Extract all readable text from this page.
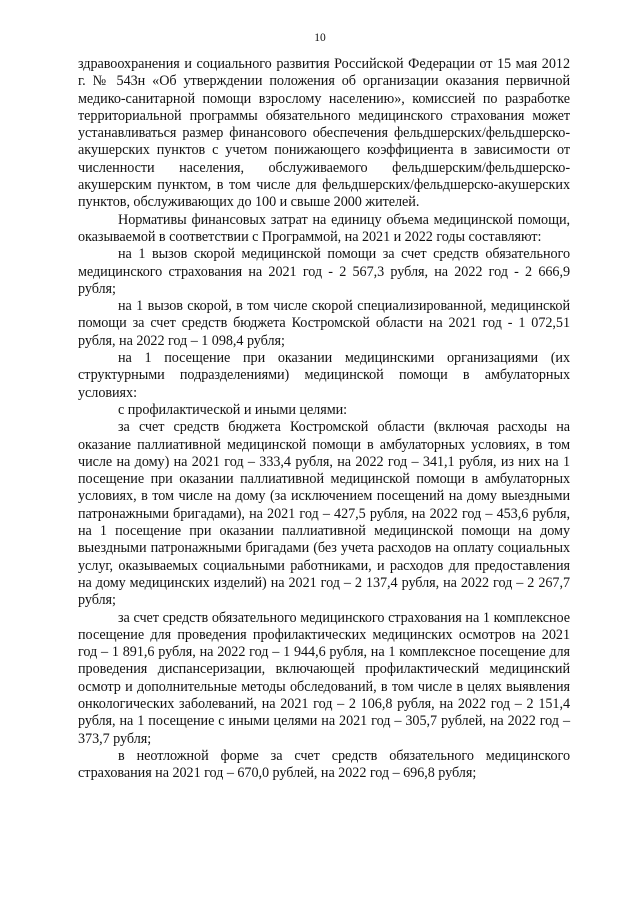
10

здравоохранения и социального развития Российской Федерации от 15 мая 2012 г. № 543н «Об утверждении положения об организации оказания первичной медико-санитарной помощи взрослому населению», комиссией по разработке территориальной программы обязательного медицинского страхования может устанавливаться размер финансового обеспечения фельдшерских/фельдшерско-акушерских пунктов с учетом понижающего коэффициента в зависимости от численности населения, обслуживаемого фельдшерским/фельдшерско-акушерским пунктом, в том числе для фельдшерских/фельдшерско-акушерских пунктов, обслуживающих до 100 и свыше 2000 жителей.

Нормативы финансовых затрат на единицу объема медицинской помощи, оказываемой в соответствии с Программой, на 2021 и 2022 годы составляют:

на 1 вызов скорой медицинской помощи за счет средств обязательного медицинского страхования на 2021 год - 2 567,3 рубля, на 2022 год - 2 666,9 рубля;

на 1 вызов скорой, в том числе скорой специализированной, медицинской помощи за счет средств бюджета Костромской области на 2021 год - 1 072,51 рубля, на 2022 год – 1 098,4 рубля;

на 1 посещение при оказании медицинскими организациями (их структурными подразделениями) медицинской помощи в амбулаторных условиях:

с профилактической и иными целями:

за счет средств бюджета Костромской области (включая расходы на оказание паллиативной медицинской помощи в амбулаторных условиях, в том числе на дому) на 2021 год – 333,4 рубля, на 2022 год – 341,1 рубля, из них на 1 посещение при оказании паллиативной медицинской помощи в амбулаторных условиях, в том числе на дому (за исключением посещений на дому выездными патронажными бригадами), на 2021 год – 427,5 рубля, на 2022 год – 453,6 рубля, на 1 посещение при оказании паллиативной медицинской помощи на дому выездными патронажными бригадами (без учета расходов на оплату социальных услуг, оказываемых социальными работниками, и расходов для предоставления на дому медицинских изделий) на 2021 год – 2 137,4 рубля, на 2022 год – 2 267,7 рубля;

за счет средств обязательного медицинского страхования на 1 комплексное посещение для проведения профилактических медицинских осмотров на 2021 год – 1 891,6 рубля, на 2022 год – 1 944,6 рубля, на 1 комплексное посещение для проведения диспансеризации, включающей профилактический медицинский осмотр и дополнительные методы обследований, в том числе в целях выявления онкологических заболеваний, на 2021 год – 2 106,8 рубля, на 2022 год – 2 151,4 рубля, на 1 посещение с иными целями на 2021 год – 305,7 рублей, на 2022 год – 373,7 рубля;

в неотложной форме за счет средств обязательного медицинского страхования на 2021 год – 670,0 рублей, на 2022 год – 696,8 рубля;
